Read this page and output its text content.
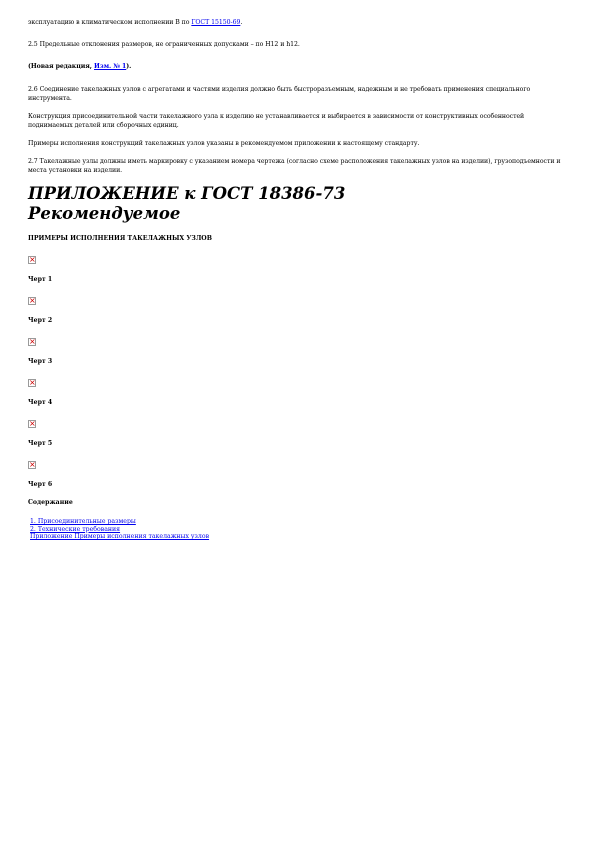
эксплуатацию в климатическом исполнении В по ГОСТ 15150-69.

2.5 Предельные отклонения размеров, не ограниченных допусками – по Н12 и h12.

(Новая редакция, Изм. № 1).

2.6 Соединение такелажных узлов с агрегатами и частями изделия должно быть быстроразъемным, надежным и не требовать применения специального инструмента.

Конструкция присоединительной части такелажного узла к изделию не устанавливается и выбирается в зависимости от конструктивных особенностей поднимаемых деталей или сборочных единиц.

Примеры исполнения конструкций такелажных узлов указаны в рекомендуемом приложении к настоящему стандарту.

2.7 Такелажные узлы должны иметь маркировку с указанием номера чертежа (согласно схеме расположения такелажных узлов на изделии), грузоподъемности и места установки на изделии.

ПРИЛОЖЕНИЕ к ГОСТ 18386-73

Рекомендуемое

ПРИМЕРЫ ИСПОЛНЕНИЯ ТАКЕЛАЖНЫХ УЗЛОВ

×

Черт 1

×

Черт 2

×

Черт 3

×

Черт 4

×

Черт 5

×

Черт 6

Содержание

1. Присоединительные размеры
2. Технические требования
Приложение Примеры исполнения такелажных узлов
